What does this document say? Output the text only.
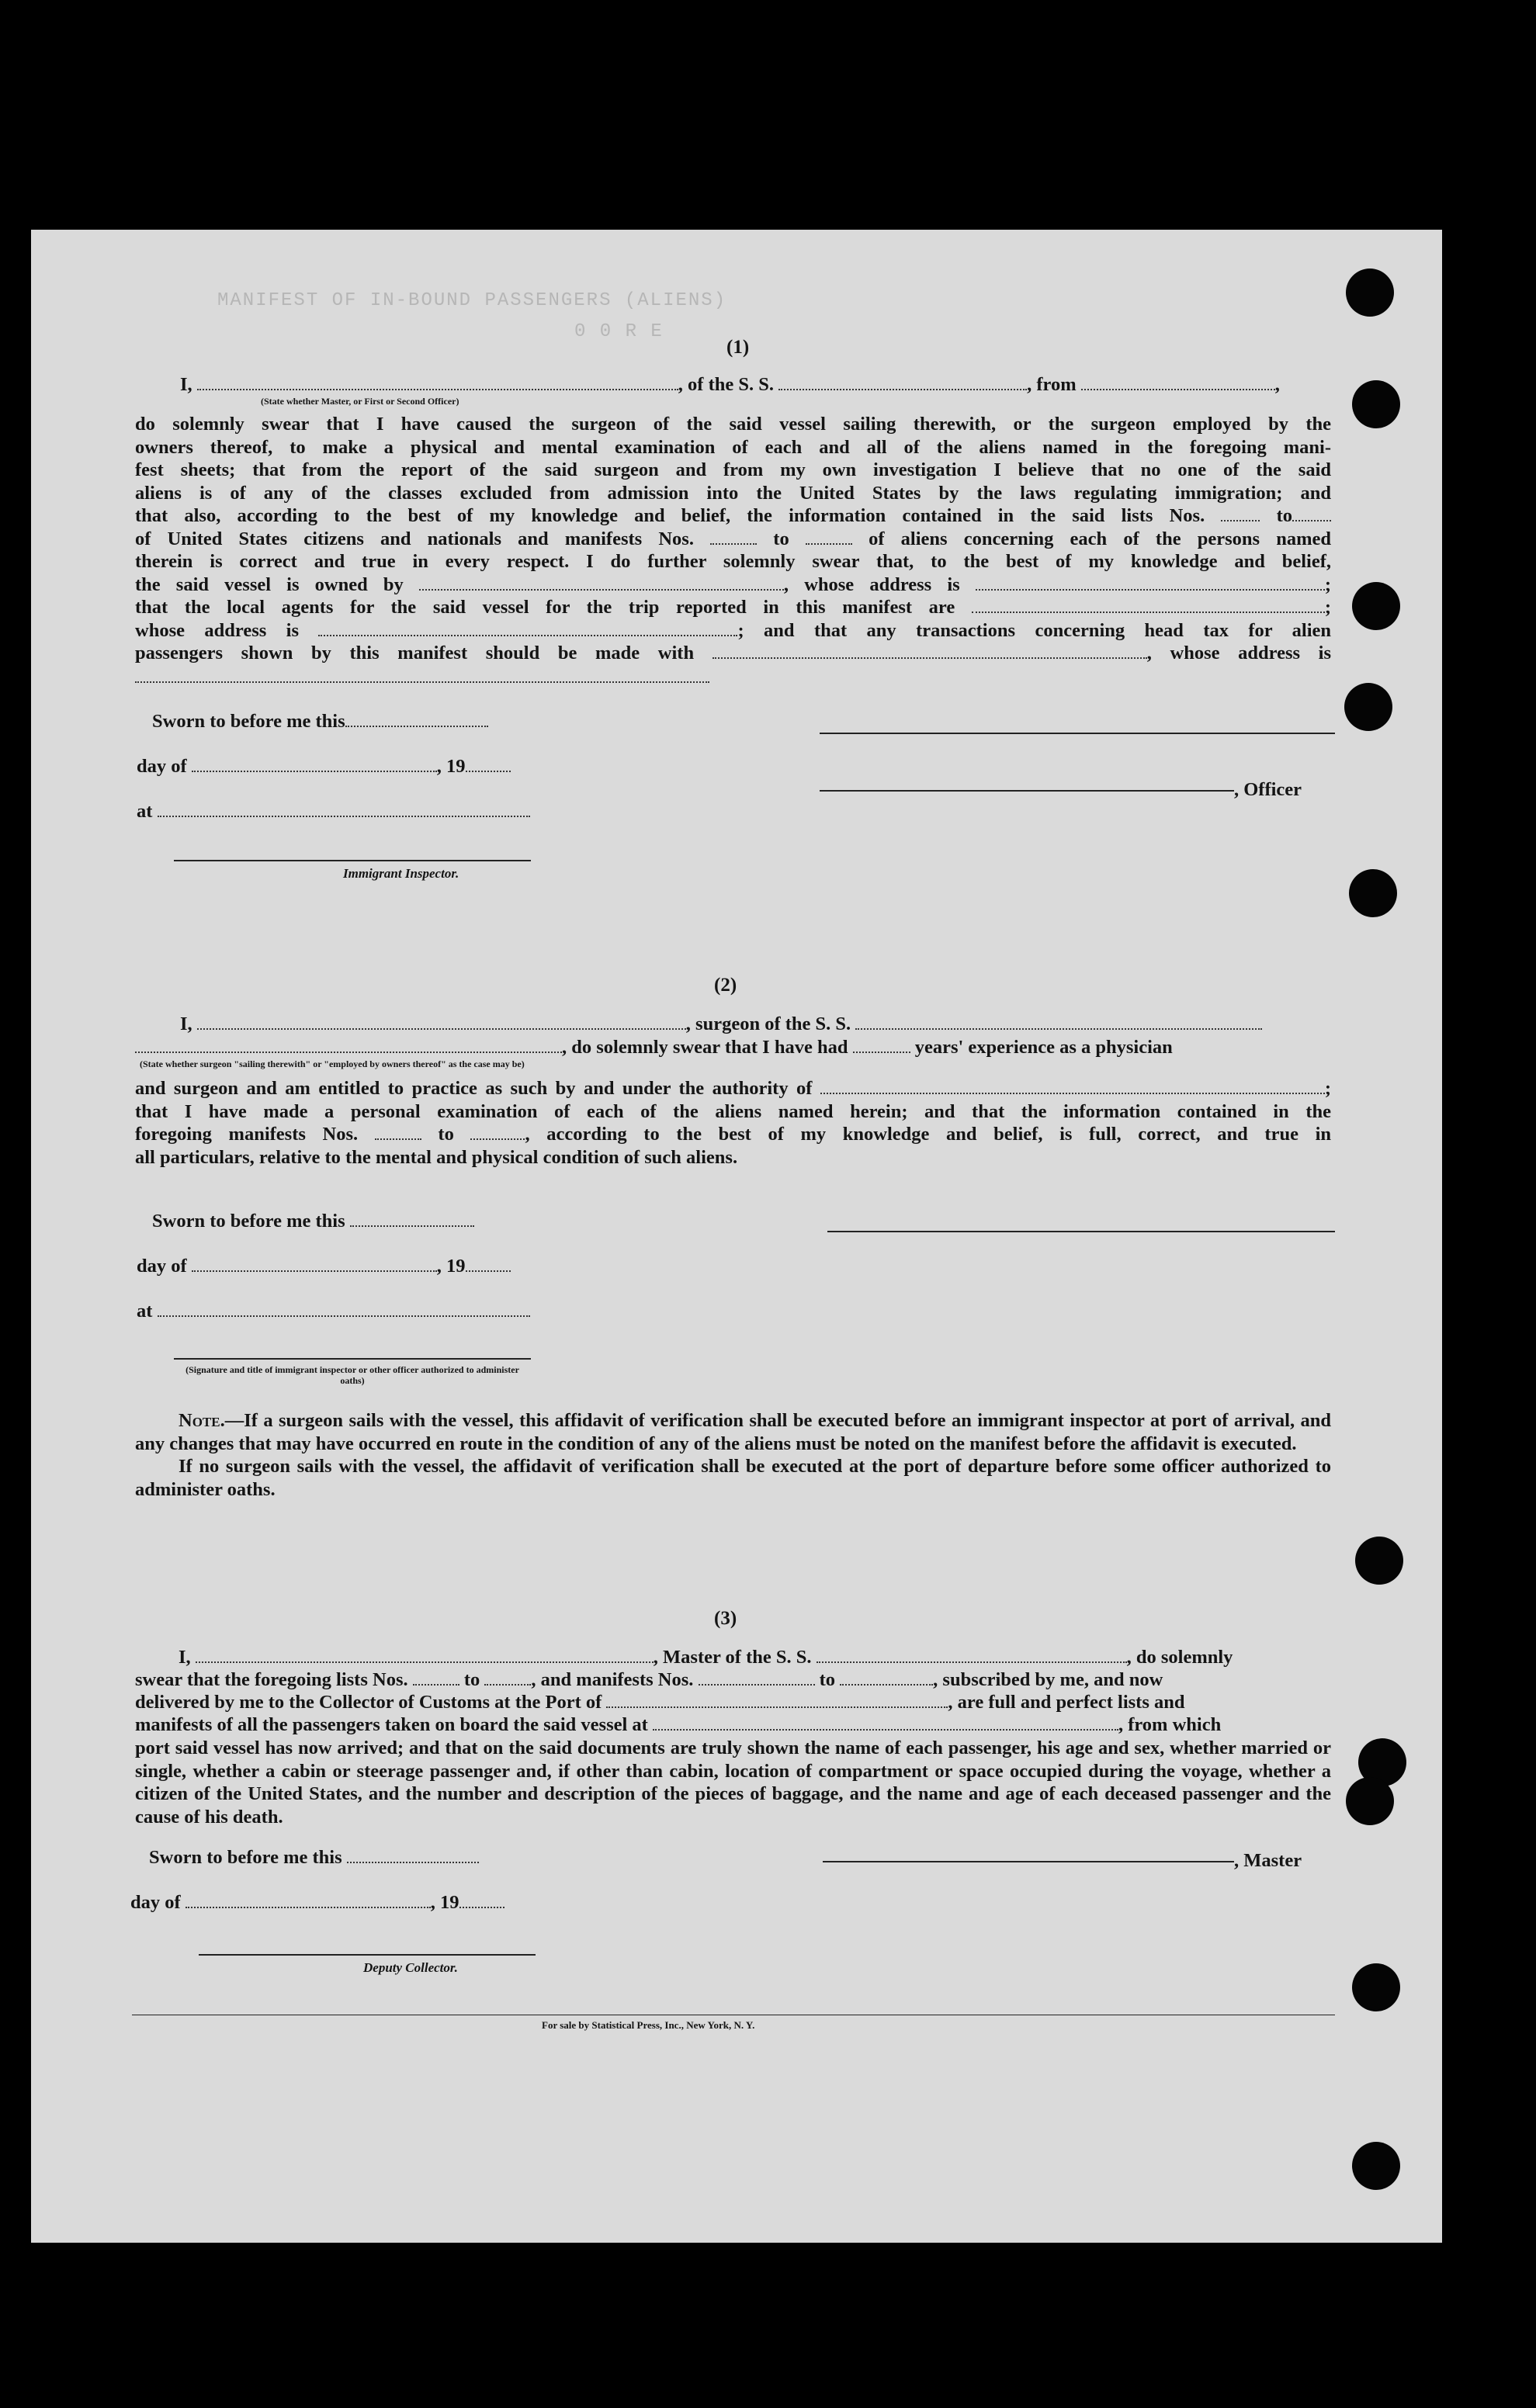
MANIFEST OF IN-BOUND PASSENGERS (ALIENS)
0 0 R E
(1)
I,	, of the S. S.	, from	,
(State whether Master, or First or Second Officer)

do solemnly swear that I have caused the surgeon of the said vessel sailing therewith, or the surgeon employed by the

owners thereof, to make a physical and mental examination of each and all of the aliens named in the foregoing mani-

fest sheets; that from the report of the said surgeon and from my own investigation I believe that no one of the said

aliens is of any of the classes excluded from admission into the United States by the laws regulating immigration; and

that also, according to the best of my knowledge and belief, the information contained in the said lists Nos.	to

of United States citizens and nationals and manifests Nos.	to	of aliens concerning each of the persons named

therein is correct and true in every respect. I do further solemnly swear that, to the best of my knowledge and belief,

the said vessel is owned by	, whose address is	;

that the local agents for the said vessel for the trip reported in this manifest are	;

whose address is	; and that any transactions concerning head tax for alien

passengers shown by this manifest should be made with	, whose address is

Sworn to before me this
day of	, 19
, Officer
at
Immigrant Inspector.
(2)
I,	, surgeon of the S. S.
, do solemnly swear that I have had	years' experience as a physician
(State whether surgeon "sailing therewith" or "employed by owners thereof" as the case may be)

and surgeon and am entitled to practice as such by and under the authority of	;

that I have made a personal examination of each of the aliens named herein; and that the information contained in the

foregoing manifests Nos.	to	, according to the best of my knowledge and belief, is full, correct, and true in

all particulars, relative to the mental and physical condition of such aliens.

Sworn to before me this
day of	, 19
at
(Signature and title of immigrant inspector or other officer authorized to administer oaths)

Note.—If a surgeon sails with the vessel, this affidavit of verification shall be executed before an immigrant inspector at port of arrival, and any changes that may have occurred en route in the condition of any of the aliens must be noted on the manifest before the affidavit is executed.

If no surgeon sails with the vessel, the affidavit of verification shall be executed at the port of departure before some officer authorized to administer oaths.

(3)
I,	, Master of the S. S.	, do solemnly
swear that the foregoing lists Nos.	to	, and manifests Nos.	to	, subscribed by me, and now
delivered by me to the Collector of Customs at the Port of	, are full and perfect lists and
manifests of all the passengers taken on board the said vessel at	, from which

port said vessel has now arrived; and that on the said documents are truly shown the name of each passenger, his age and sex, whether married or single, whether a cabin or steerage passenger and, if other than cabin, location of compartment or space occupied during the voyage, whether a citizen of the United States, and the number and description of the pieces of baggage, and the name and age of each deceased passenger and the cause of his death.

Sworn to before me this	, Master
day of	, 19
Deputy Collector.
For sale by Statistical Press, Inc., New York, N. Y.
